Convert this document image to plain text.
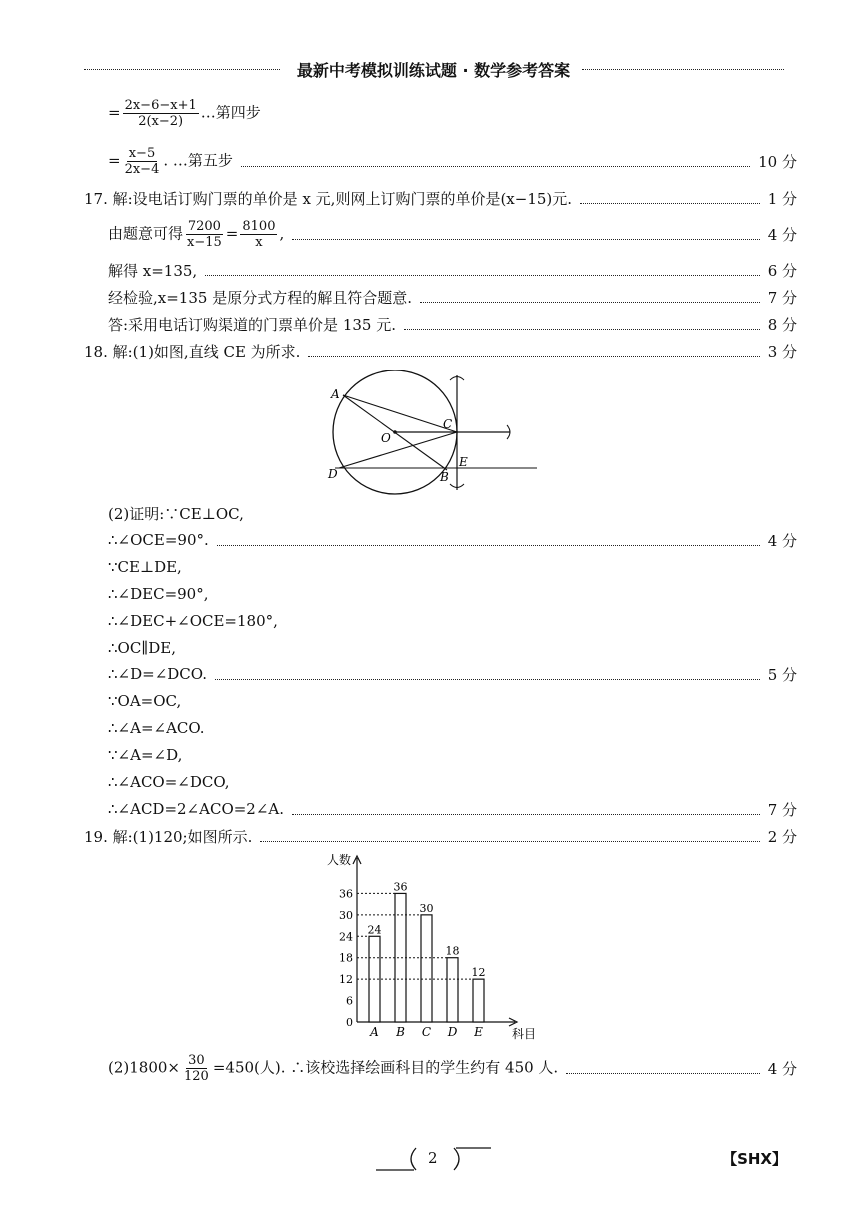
最新中考模拟训练试题 · 数学参考答案
= $\frac{2x-6-x+1}{2(x-2)}$ …第四步
= $\frac{x-5}{2x-4}$ . …第五步	10 分
17. 解:设电话订购门票的单价是 x 元,则网上订购门票的单价是(x−15)元.	1 分
由题意可得 $\frac{7200}{x-15} = \frac{8100}{x}$ ,	4 分
解得 x=135,	6 分
经检验,x=135 是原分式方程的解且符合题意.	7 分
答:采用电话订购渠道的门票单价是 135 元.	8 分
18. 解:(1)如图,直线 CE 为所求.	3 分
(2)证明:∵CE⊥OC,
∴∠OCE=90°.	4 分
∵CE⊥DE,
∴∠DEC=90°,
∴∠DEC+∠OCE=180°,
∴OC∥DE,
∴∠D=∠DCO.	5 分
∵OA=OC,
∴∠A=∠ACO.
∵∠A=∠D,
∴∠ACO=∠DCO,
∴∠ACD=2∠ACO=2∠A.	7 分
19. 解:(1)120;如图所示.	2 分
$(2)1800\times \frac{30}{120} =450$(人). ∴该校选择绘画科目的学生约有 450 人.	4 分
A
C
O
D	B
E
人数
科目
0
6
12
18
24
30
36
24
A
36
B
30
C
18
D
12
E
2	【SHX】
